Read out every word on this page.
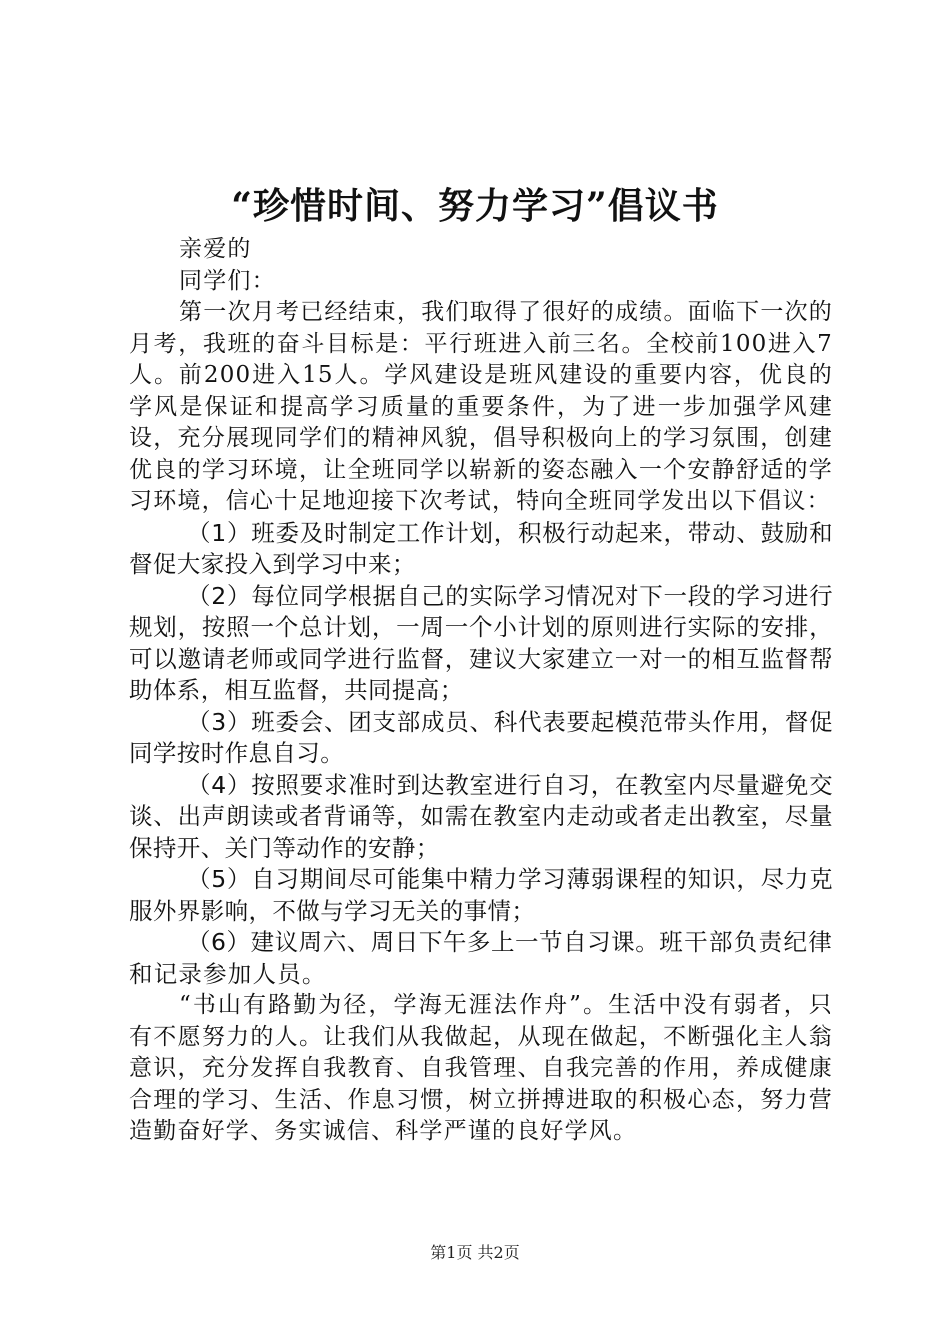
“珍惜时间、努力学习”倡议书

亲爱的

同学们：

第一次月考已经结束，我们取得了很好的成绩。面临下一次的月考，我班的奋斗目标是：平行班进入前三名。全校前100进入7人。前200进入15人。学风建设是班风建设的重要内容，优良的学风是保证和提高学习质量的重要条件，为了进一步加强学风建设，充分展现同学们的精神风貌，倡导积极向上的学习氛围，创建优良的学习环境，让全班同学以崭新的姿态融入一个安静舒适的学习环境，信心十足地迎接下次考试，特向全班同学发出以下倡议：

（1）班委及时制定工作计划，积极行动起来，带动、鼓励和督促大家投入到学习中来；

（2）每位同学根据自己的实际学习情况对下一段的学习进行规划，按照一个总计划，一周一个小计划的原则进行实际的安排，可以邀请老师或同学进行监督，建议大家建立一对一的相互监督帮助体系，相互监督，共同提高；

（3）班委会、团支部成员、科代表要起模范带头作用，督促同学按时作息自习。

（4）按照要求准时到达教室进行自习，在教室内尽量避免交谈、出声朗读或者背诵等，如需在教室内走动或者走出教室，尽量保持开、关门等动作的安静；

（5）自习期间尽可能集中精力学习薄弱课程的知识，尽力克服外界影响，不做与学习无关的事情；

（6）建议周六、周日下午多上一节自习课。班干部负责纪律和记录参加人员。

“书山有路勤为径，学海无涯法作舟”。生活中没有弱者，只有不愿努力的人。让我们从我做起，从现在做起，不断强化主人翁意识，充分发挥自我教育、自我管理、自我完善的作用，养成健康合理的学习、生活、作息习惯，树立拼搏进取的积极心态，努力营造勤奋好学、务实诚信、科学严谨的良好学风。

第1页 共2页
